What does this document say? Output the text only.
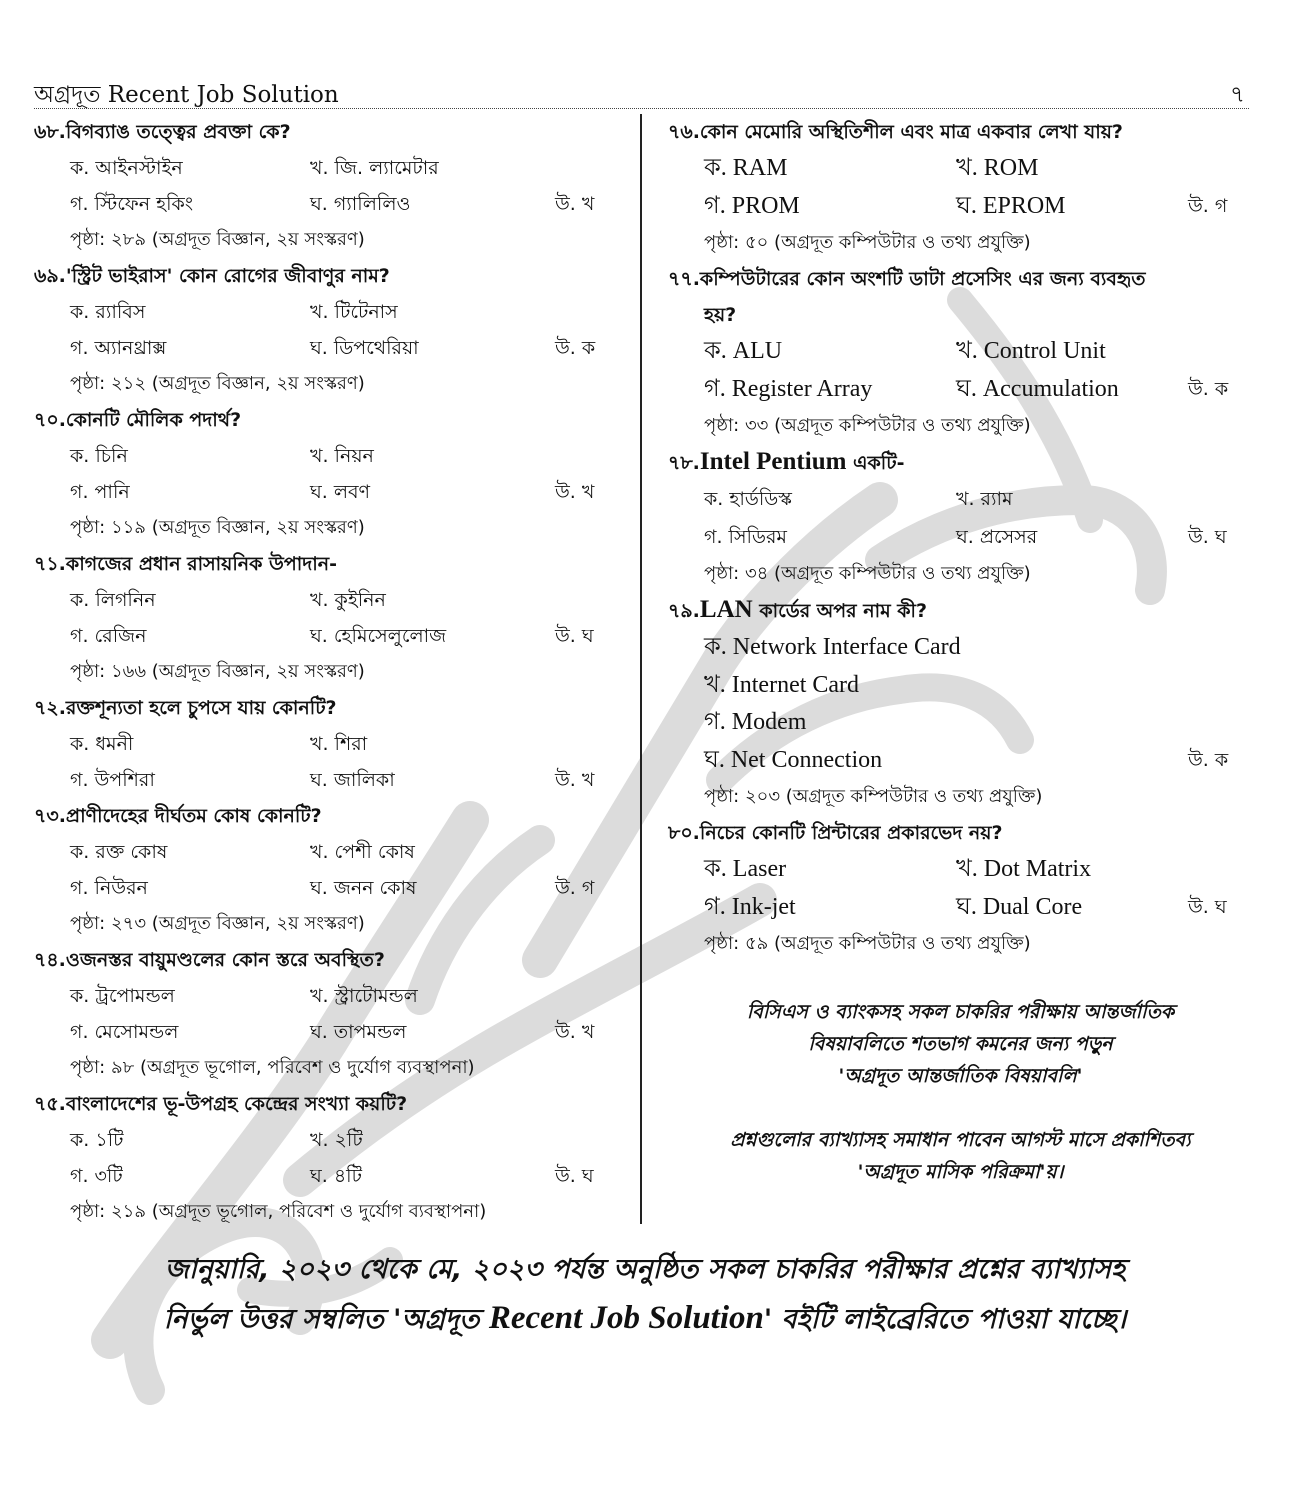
অগ্রদূত Recent Job Solution	৭
৬৮.বিগব্যাঙ তত্ত্বের প্রবক্তা কে?
ক. আইনস্টাইন	খ. জি. ল্যামেটার
গ. স্টিফেন হকিং	ঘ. গ্যালিলিও	উ. খ
পৃষ্ঠা: ২৮৯ (অগ্রদূত বিজ্ঞান, ২য় সংস্করণ)
৬৯.'স্ট্রিট ভাইরাস' কোন রোগের জীবাণুর নাম?
ক. র‍্যাবিস	খ. টিটেনাস
গ. অ্যানথ্রাক্স	ঘ. ডিপথেরিয়া	উ. ক
পৃষ্ঠা: ২১২ (অগ্রদূত বিজ্ঞান, ২য় সংস্করণ)
৭০.কোনটি মৌলিক পদার্থ?
ক. চিনি	খ. নিয়ন
গ. পানি	ঘ. লবণ	উ. খ
পৃষ্ঠা: ১১৯ (অগ্রদূত বিজ্ঞান, ২য় সংস্করণ)
৭১.কাগজের প্রধান রাসায়নিক উপাদান-
ক. লিগনিন	খ. কুইনিন
গ. রেজিন	ঘ. হেমিসেলুলোজ	উ. ঘ
পৃষ্ঠা: ১৬৬ (অগ্রদূত বিজ্ঞান, ২য় সংস্করণ)
৭২.রক্তশূন্যতা হলে চুপসে যায় কোনটি?
ক. ধমনী	খ. শিরা
গ. উপশিরা	ঘ. জালিকা	উ. খ
৭৩.প্রাণীদেহের দীর্ঘতম কোষ কোনটি?
ক. রক্ত কোষ	খ. পেশী কোষ
গ. নিউরন	ঘ. জনন কোষ	উ. গ
পৃষ্ঠা: ২৭৩ (অগ্রদূত বিজ্ঞান, ২য় সংস্করণ)
৭৪.ওজনস্তর বায়ুমণ্ডলের কোন স্তরে অবস্থিত?
ক. ট্রপোমন্ডল	খ. স্ট্রাটোমন্ডল
গ. মেসোমন্ডল	ঘ. তাপমন্ডল	উ. খ
পৃষ্ঠা: ৯৮ (অগ্রদূত ভূগোল, পরিবেশ ও দুর্যোগ ব্যবস্থাপনা)
৭৫.বাংলাদেশের ভূ-উপগ্রহ কেন্দ্রের সংখ্যা কয়টি?
ক. ১টি	খ. ২টি
গ. ৩টি	ঘ. ৪টি	উ. ঘ
পৃষ্ঠা: ২১৯ (অগ্রদূত ভূগোল, পরিবেশ ও দুর্যোগ ব্যবস্থাপনা)
৭৬.কোন মেমোরি অস্থিতিশীল এবং মাত্র একবার লেখা যায়?
ক. RAM	খ. ROM
গ. PROM	ঘ. EPROM	উ. গ
পৃষ্ঠা: ৫০ (অগ্রদূত কম্পিউটার ও তথ্য প্রযুক্তি)
৭৭.কম্পিউটারের কোন অংশটি ডাটা প্রসেসিং এর জন্য ব্যবহৃত
হয়?
ক. ALU	খ. Control Unit
গ. Register Array	ঘ. Accumulation	উ. ক
পৃষ্ঠা: ৩৩ (অগ্রদূত কম্পিউটার ও তথ্য প্রযুক্তি)
৭৮.Intel Pentium একটি-
ক. হার্ডডিস্ক	খ. র‍্যাম
গ. সিডিরম	ঘ. প্রসেসর	উ. ঘ
পৃষ্ঠা: ৩৪ (অগ্রদূত কম্পিউটার ও তথ্য প্রযুক্তি)
৭৯.LAN কার্ডের অপর নাম কী?
ক. Network Interface Card
খ. Internet Card
গ. Modem
ঘ. Net Connection	উ. ক
পৃষ্ঠা: ২০৩ (অগ্রদূত কম্পিউটার ও তথ্য প্রযুক্তি)
৮০.নিচের কোনটি প্রিন্টারের প্রকারভেদ নয়?
ক. Laser	খ. Dot Matrix
গ. Ink-jet	ঘ. Dual Core	উ. ঘ
পৃষ্ঠা: ৫৯ (অগ্রদূত কম্পিউটার ও তথ্য প্রযুক্তি)
বিসিএস ও ব্যাংকসহ সকল চাকরির পরীক্ষায় আন্তর্জাতিক
বিষয়াবলিতে শতভাগ কমনের জন্য পড়ুন
'অগ্রদূত আন্তর্জাতিক বিষয়াবলি'
প্রশ্নগুলোর ব্যাখ্যাসহ সমাধান পাবেন আগস্ট মাসে প্রকাশিতব্য
'অগ্রদূত মাসিক পরিক্রমা'য়।
জানুয়ারি, ২০২৩ থেকে মে, ২০২৩ পর্যন্ত অনুষ্ঠিত সকল চাকরির পরীক্ষার প্রশ্নের ব্যাখ্যাসহ
নির্ভুল উত্তর সম্বলিত 'অগ্রদূত Recent Job Solution' বইটি লাইব্রেরিতে পাওয়া যাচ্ছে।
